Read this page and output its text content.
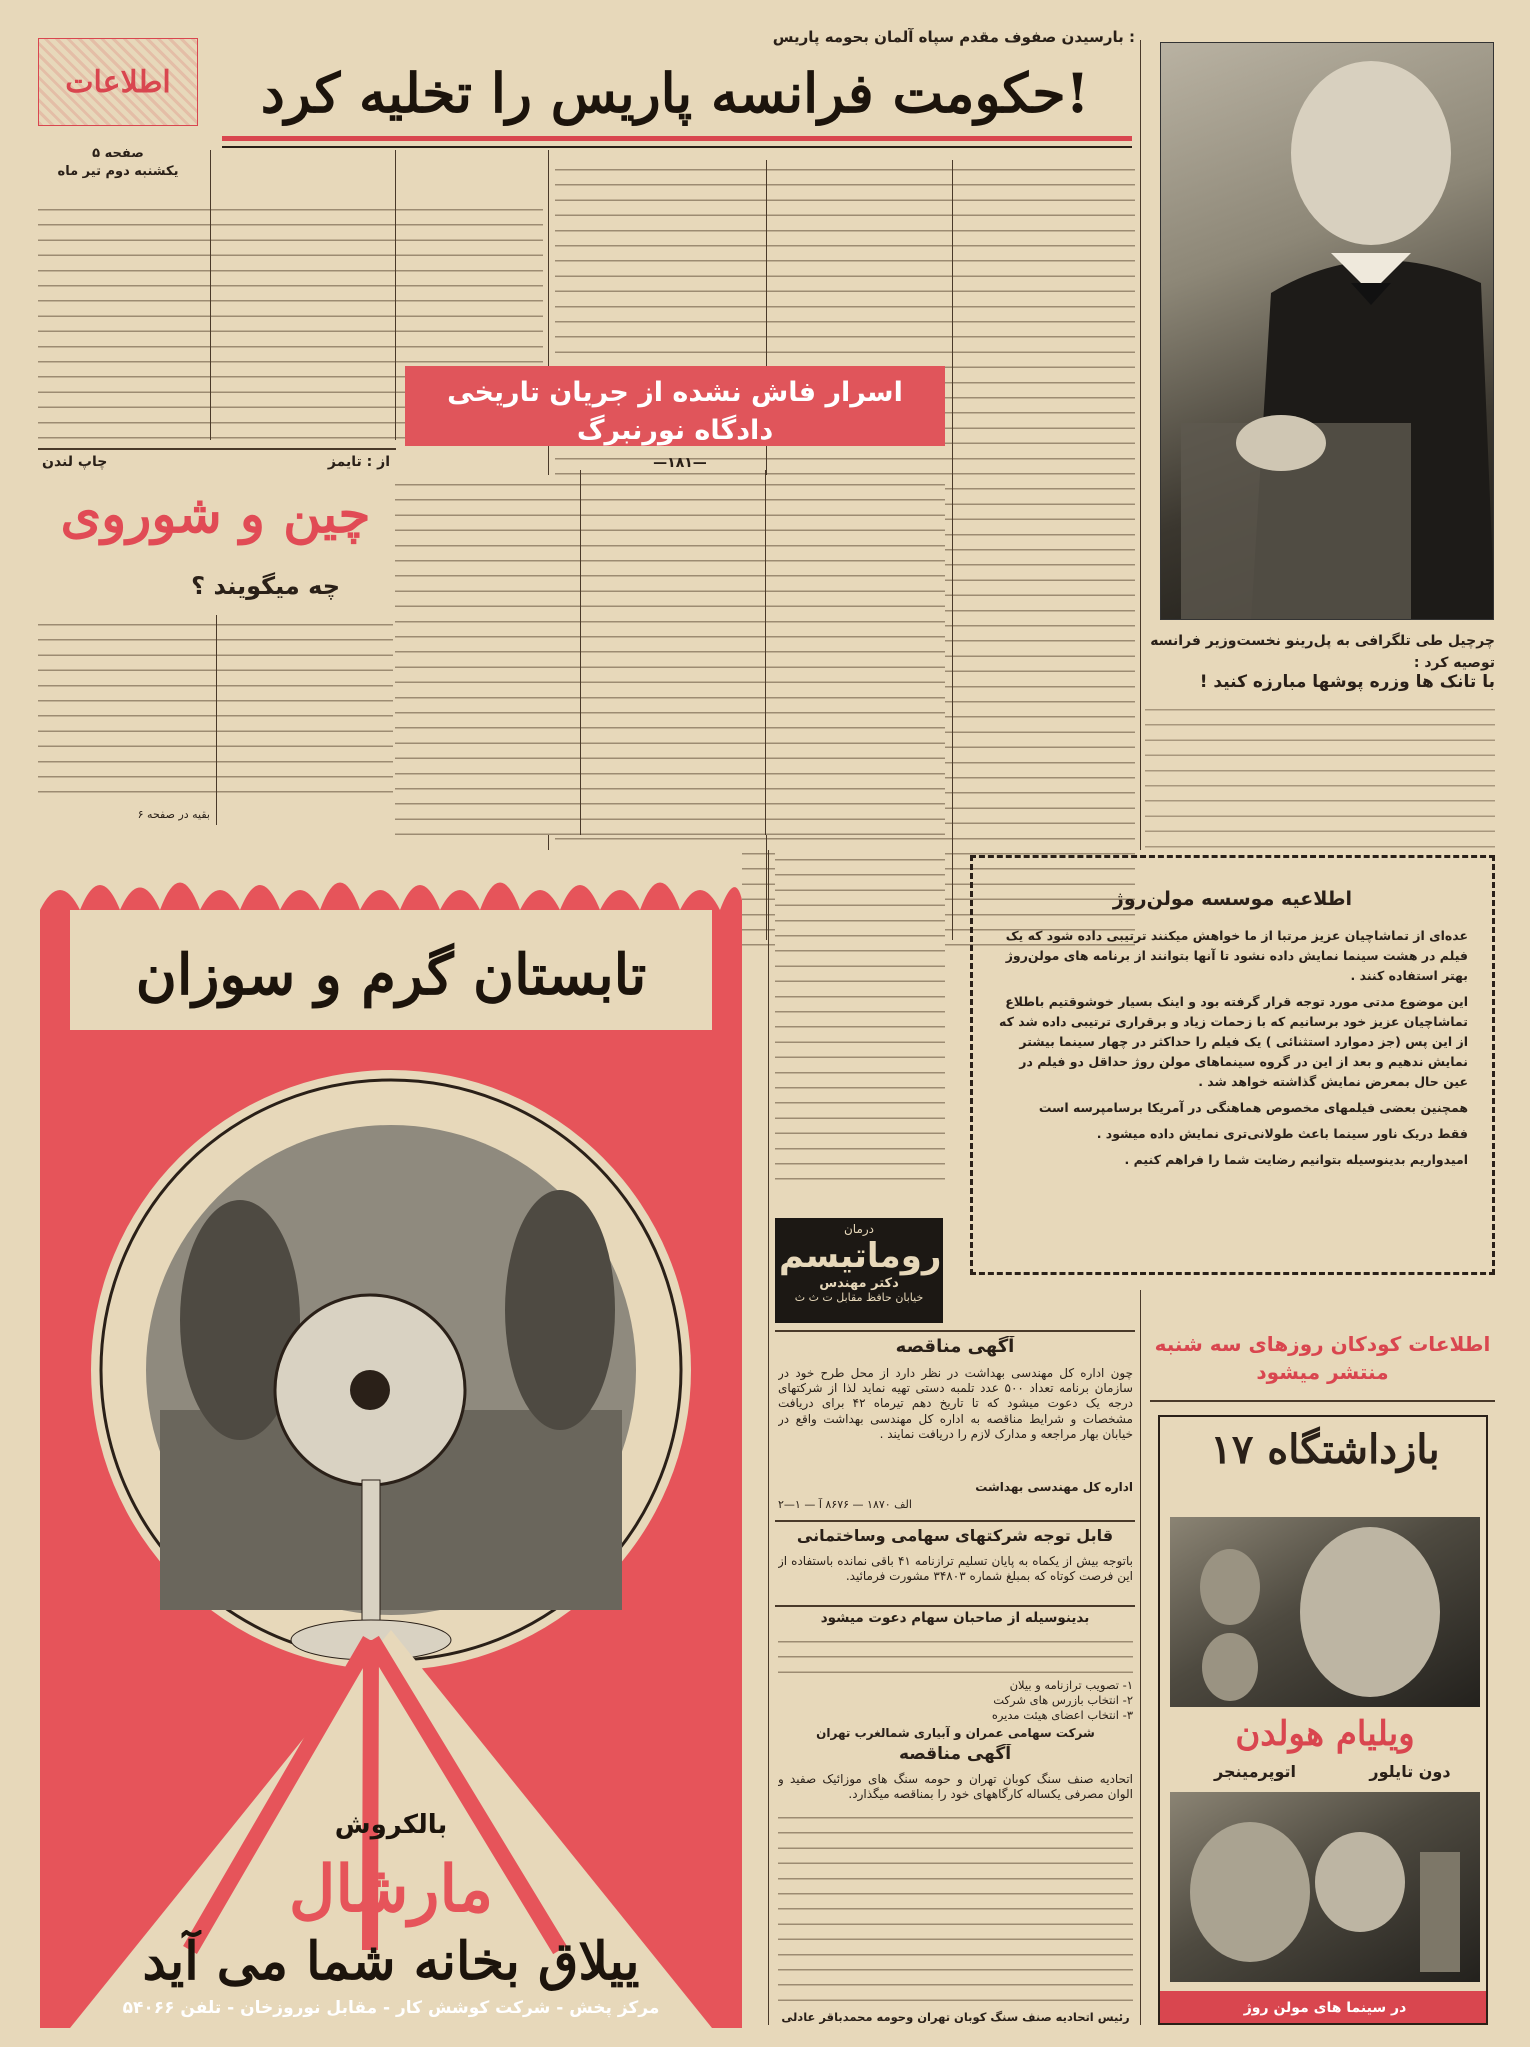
اطلاعات
صفحه ۵
یکشنبه دوم تیر ماه
بارسیدن صفوف مقدم سپاه آلمان بحومه پاریس :
حکومت فرانسه پاریس را تخلیه کرد!
چرچیل طی تلگرافی به پل‌رینو نخست‌وزیر فرانسه توصیه کرد :
با تانک ها وزره پوشها مبارزه کنید !
اسرار فاش نشده از جریان تاریخی دادگاه نورنبرگ
—۱۸۱—
از : تایمز
چاپ لندن
چین و شوروی
چه میگویند ؟
بقیه در صفحه ۶
تابستان گرم و سوزان
بالکروش
مارشال
ییلاق بخانه شما می آید
مرکز پخش - شرکت کوشش کار - مقابل نوروزخان - تلفن ۵۴۰۶۶
اطلاعیه موسسه مولن‌روژ

عده‌ای از تماشاچیان عزیز مرتبا از ما خواهش میکنند ترتیبی داده شود که یک فیلم در هشت سینما نمایش داده نشود تا آنها بتوانند از برنامه های مولن‌روژ بهتر استفاده کنند .

این موضوع مدتی مورد توجه قرار گرفته بود و اینک بسیار خوشوقتیم باطلاع تماشاچیان عزیز خود برسانیم که با زحمات زیاد و برقراری ترتیبی داده شد که از این پس (جز دموارد استثنائی ) یک فیلم را حداکثر در چهار سینما بیشتر نمایش ندهیم و بعد از این در گروه سینماهای مولن روژ حداقل دو فیلم در عین حال بمعرض نمایش گذاشته خواهد شد .

همچنین بعضی فیلمهای مخصوص هماهنگی در آمریکا برسامپرسه است

فقط دریک ناور سینما باعث طولانی‌تری نمایش داده میشود .

امیدواریم بدینوسیله بتوانیم رضایت شما را فراهم کنیم .

درمان
روماتیسم
دکتر مهندس
خیابان حافظ مقابل ت ث ث
آگهی مناقصه
چون اداره کل مهندسی بهداشت در نظر دارد از محل طرح خود در سازمان برنامه تعداد ۵۰۰ عدد تلمبه دستی تهیه نماید لذا از شرکتهای درجه یک دعوت میشود که تا تاریخ دهم تیرماه ۴۲ برای دریافت مشخصات و شرایط مناقصه به اداره کل مهندسی بهداشت واقع در خیابان بهار مراجعه و مدارک لازم را دریافت نمایند .
اداره کل مهندسی بهداشت
الف ۱۸۷۰ — ۸۶۷۶ آ — ۱—۲
قابل توجه شرکتهای سهامی وساختمانی
باتوجه بیش از یکماه به پایان تسلیم ترازنامه ۴۱ باقی نمانده باستفاده از این فرصت کوتاه که بمبلغ شماره ۳۴۸۰۳ مشورت فرمائید.
بدینوسیله از صاحبان سهام دعوت میشود
۱- تصویب ترازنامه و بیلان
۲- انتخاب بازرس های شرکت
۳- انتخاب اعضای هیئت مدیره
شرکت سهامی عمران و آبیاری شمالغرب تهران
آگهی مناقصه
اتحادیه صنف سنگ کوبان تهران و حومه سنگ های موزائیک صفید و الوان مصرفی یکساله کارگاههای خود را بمناقصه میگذارد.
رئیس اتحادیه صنف سنگ کوبان تهران وحومه محمدباقر عادلی
اطلاعات کودکان روزهای سه شنبه منتشر میشود
بازداشتگاه ۱۷
ویلیام هولدن
دون تایلور
اتوپرمینجر
در سینما های مولن روژ
